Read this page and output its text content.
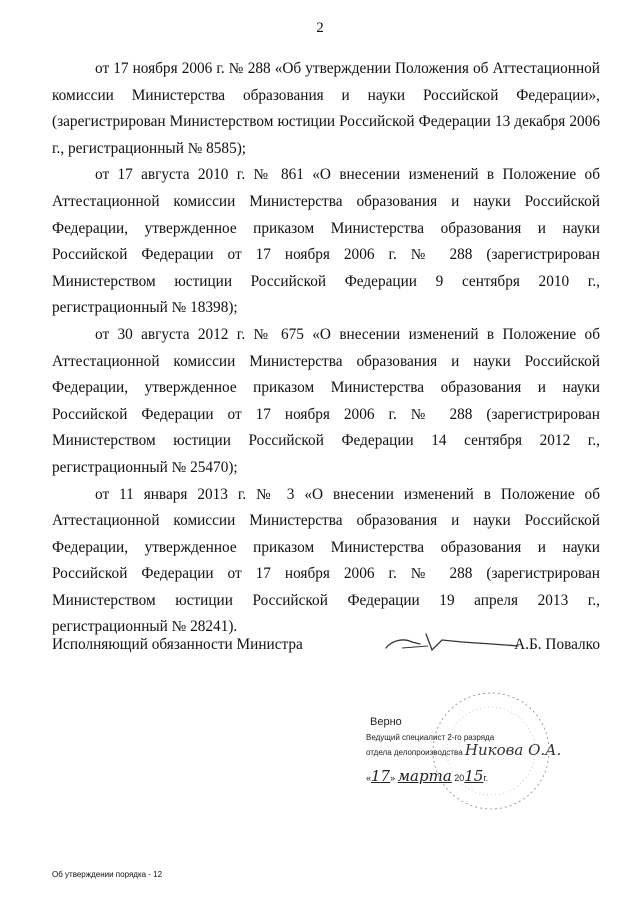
2

от 17 ноября 2006 г. № 288 «Об утверждении Положения об Аттестационной комиссии Министерства образования и науки Российской Федерации», (зарегистрирован Министерством юстиции Российской Федерации 13 декабря 2006 г., регистрационный № 8585);

от 17 августа 2010 г. № 861 «О внесении изменений в Положение об Аттестационной комиссии Министерства образования и науки Российской Федерации, утвержденное приказом Министерства образования и науки Российской Федерации от 17 ноября 2006 г. № 288 (зарегистрирован Министерством юстиции Российской Федерации 9 сентября 2010 г., регистрационный № 18398);

от 30 августа 2012 г. № 675 «О внесении изменений в Положение об Аттестационной комиссии Министерства образования и науки Российской Федерации, утвержденное приказом Министерства образования и науки Российской Федерации от 17 ноября 2006 г. № 288 (зарегистрирован Министерством юстиции Российской Федерации 14 сентября 2012 г., регистрационный № 25470);

от 11 января 2013 г. № 3 «О внесении изменений в Положение об Аттестационной комиссии Министерства образования и науки Российской Федерации, утвержденное приказом Министерства образования и науки Российской Федерации от 17 ноября 2006 г. № 288 (зарегистрирован Министерством юстиции Российской Федерации 19 апреля 2013 г., регистрационный № 28241).

Исполняющий обязанности Министра	А.Б. Повалко

Верно

Ведущий специалист 2-го разряда

отдела делопроизводства Никова О.А.

«17» марта 2015г.
Об утверждении порядка - 12
